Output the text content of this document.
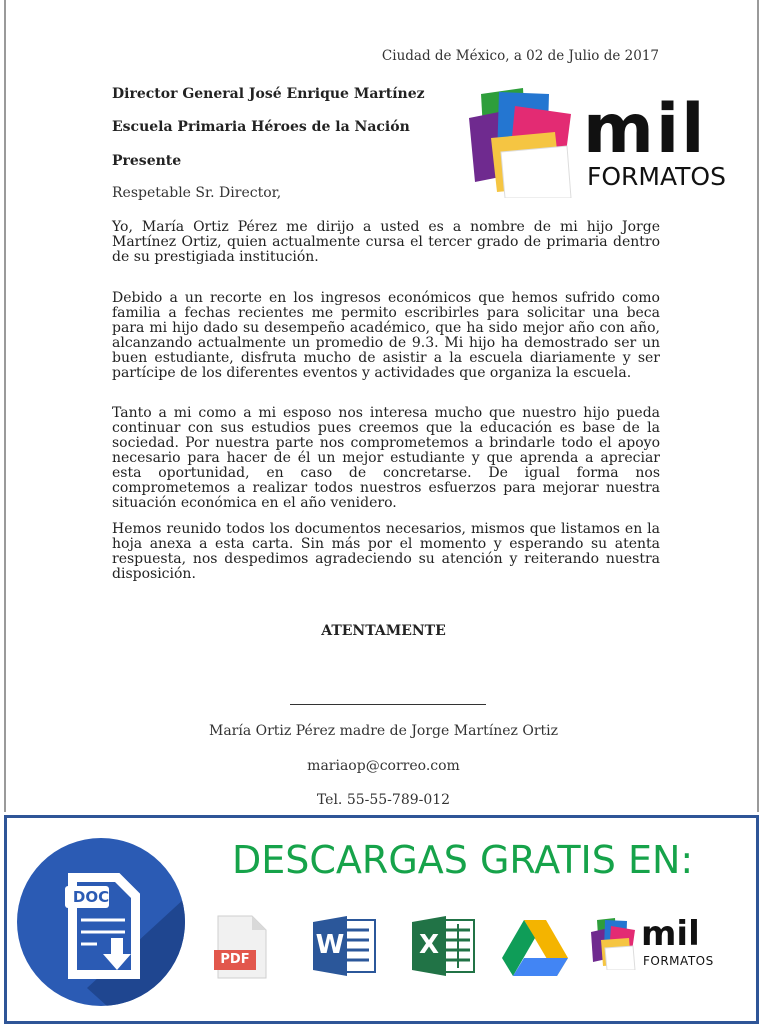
Ciudad de México, a 02 de Julio de 2017
Director General José Enrique Martínez
Escuela Primaria Héroes de la Nación
Presente	mil
FORMATOS
Respetable Sr. Director,

Yo, María Ortiz Pérez me dirijo a usted es a nombre de mi hijo Jorge Martínez Ortiz, quien actualmente cursa el tercer grado de primaria dentro de su prestigiada institución.

Debido a un recorte en los ingresos económicos que hemos sufrido como familia a fechas recientes me permito escribirles para solicitar una beca para mi hijo dado su desempeño académico, que ha sido mejor año con año, alcanzando actualmente un promedio de 9.3. Mi hijo ha demostrado ser un buen estudiante, disfruta mucho de asistir a la escuela diariamente y ser partícipe de los diferentes eventos y actividades que organiza la escuela.

Tanto a mi como a mi esposo nos interesa mucho que nuestro hijo pueda continuar con sus estudios pues creemos que la educación es base de la sociedad. Por nuestra parte nos comprometemos a brindarle todo el apoyo necesario para hacer de él un mejor estudiante y que aprenda a apreciar esta oportunidad, en caso de concretarse. De igual forma nos comprometemos a realizar todos nuestros esfuerzos para mejorar nuestra situación económica en el año venidero.

Hemos reunido todos los documentos necesarios, mismos que listamos en la hoja anexa a esta carta. Sin más por el momento y esperando su atenta respuesta, nos despedimos agradeciendo su atención y reiterando nuestra disposición.

ATENTAMENTE
María Ortiz Pérez madre de Jorge Martínez Ortiz
mariaop@correo.com
Tel. 55-55-789-012
DOC
DESCARGAS GRATIS EN:
PDF	W	X	mil
FORMATOS
